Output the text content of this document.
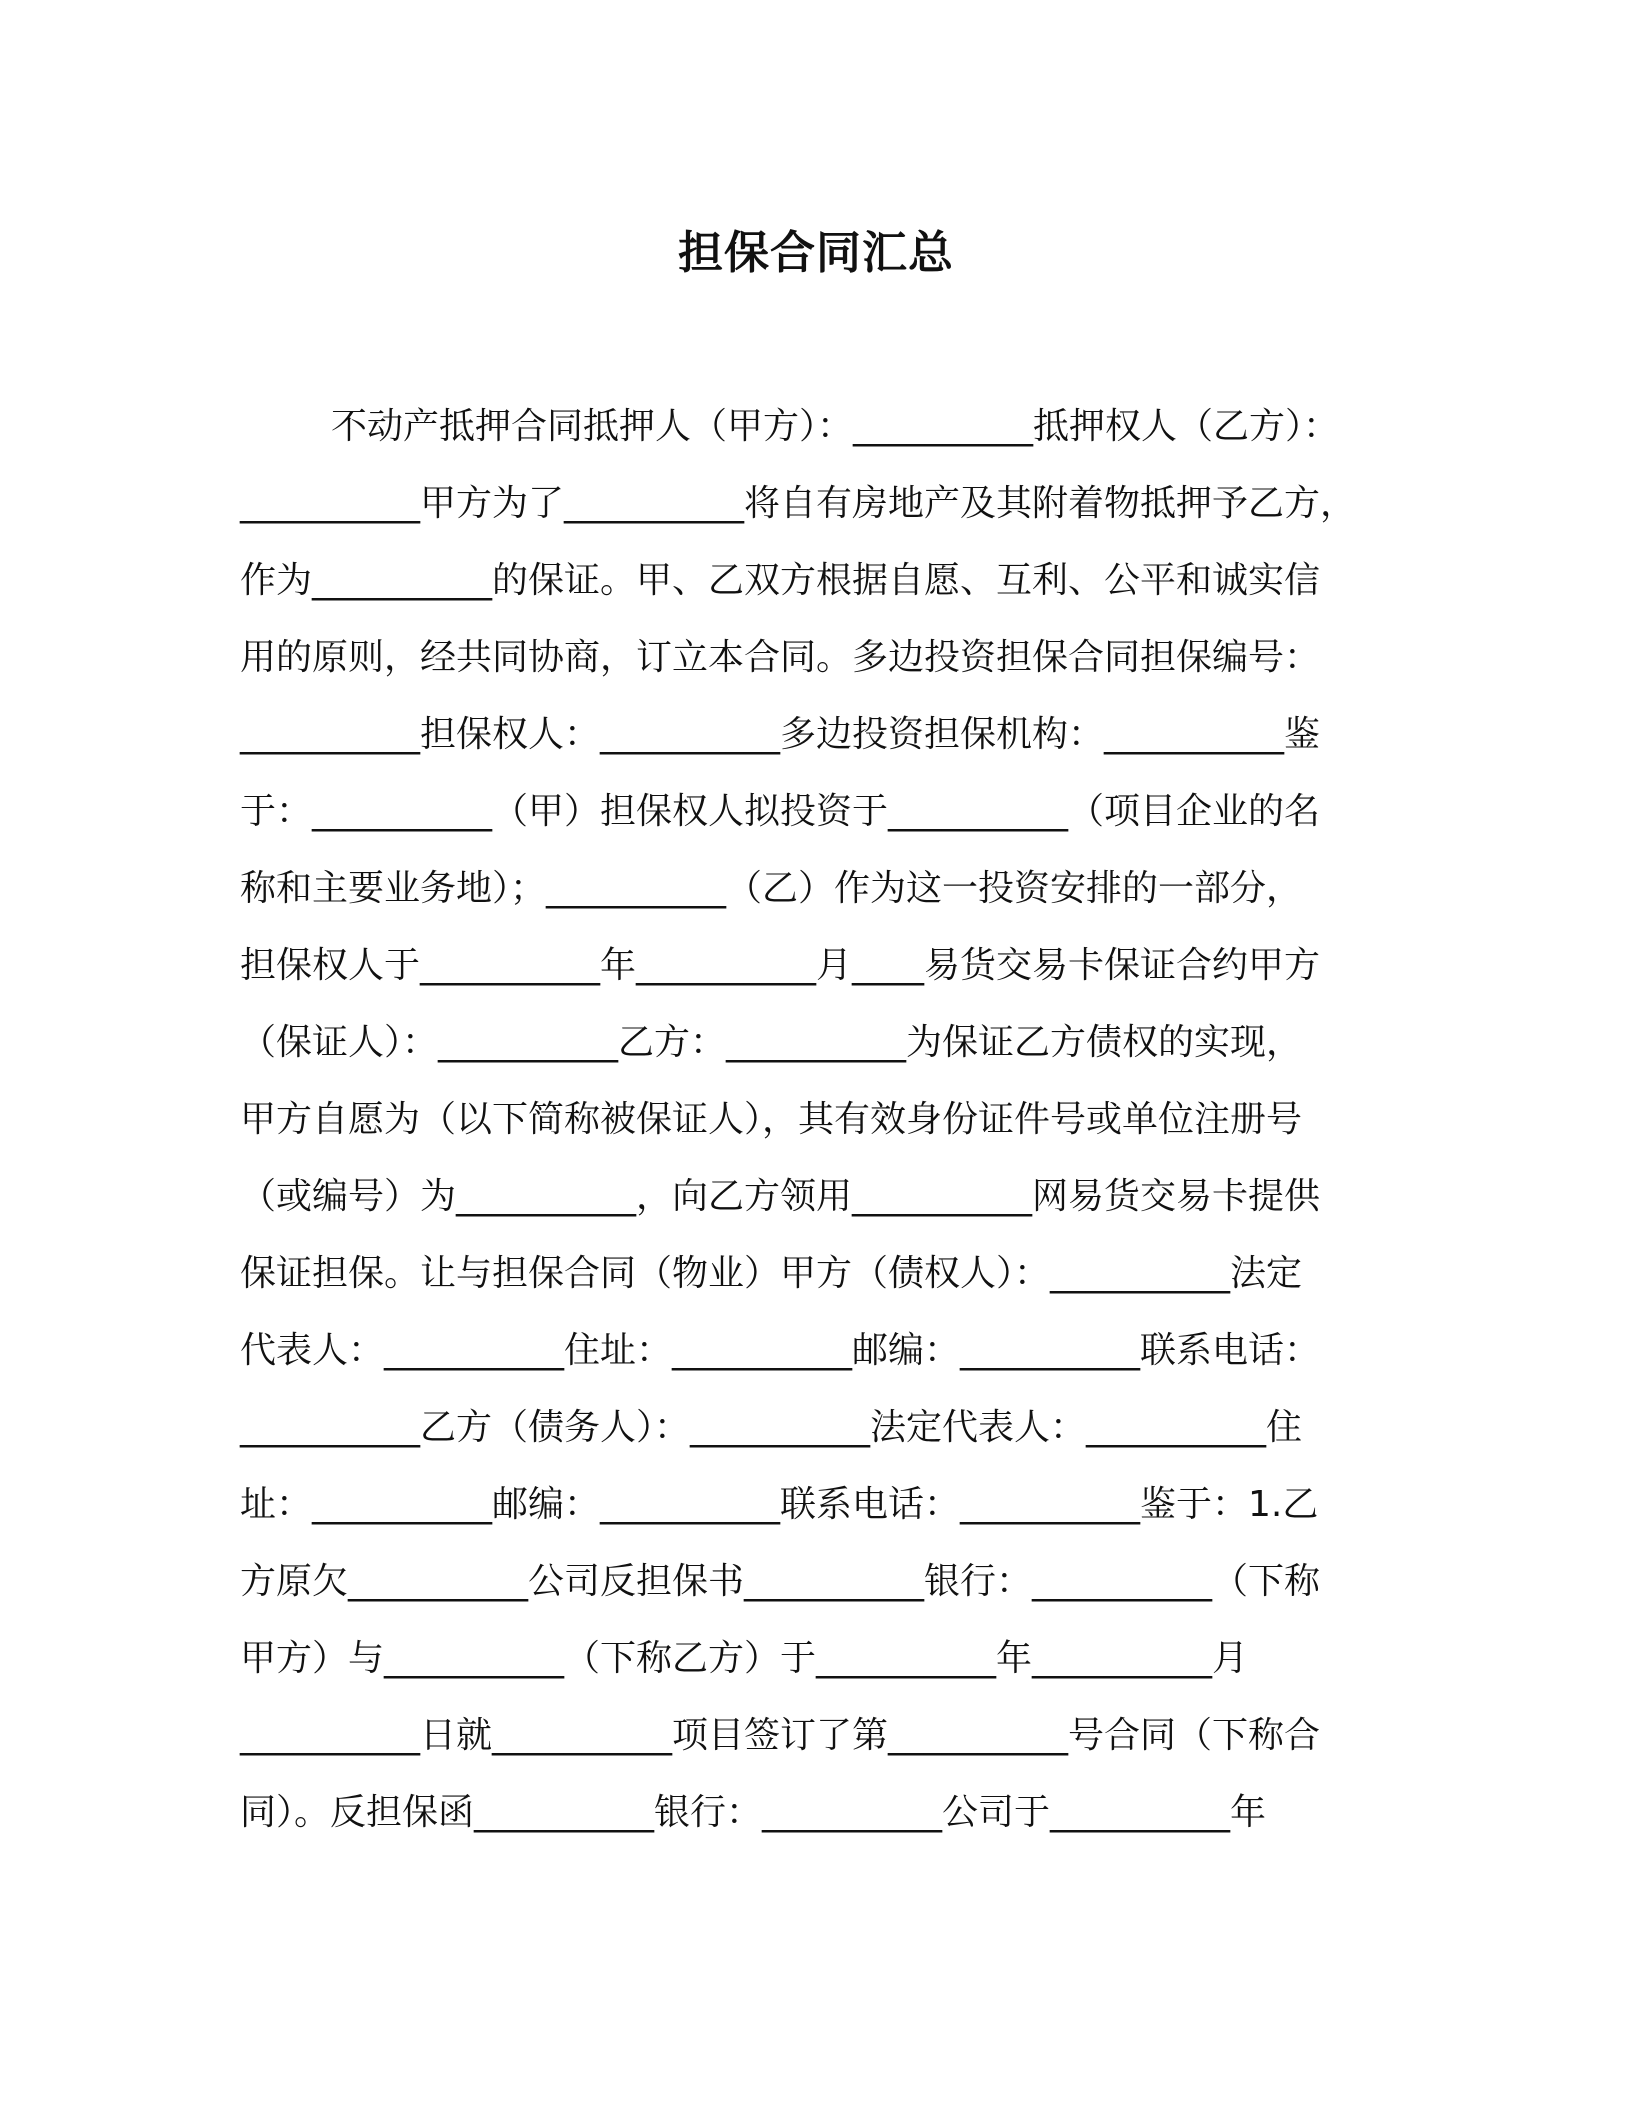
担保合同汇总
不动产抵押合同抵押人（甲方）：__________抵押权人（乙方）：
__________甲方为了__________将自有房地产及其附着物抵押予乙方，
作为__________的保证。甲、乙双方根据自愿、互利、公平和诚实信
用的原则，经共同协商，订立本合同。多边投资担保合同担保编号：
__________担保权人：__________多边投资担保机构：__________鉴
于：__________（甲）担保权人拟投资于__________（项目企业的名
称和主要业务地）；__________（乙）作为这一投资安排的一部分，
担保权人于__________年__________月____易货交易卡保证合约甲方
（保证人）：__________乙方：__________为保证乙方债权的实现，
甲方自愿为（以下简称被保证人），其有效身份证件号或单位注册号
（或编号）为__________，向乙方领用__________网易货交易卡提供
保证担保。让与担保合同（物业）甲方（债权人）：__________法定
代表人：__________住址：__________邮编：__________联系电话：
__________乙方（债务人）：__________法定代表人：__________住
址：__________邮编：__________联系电话：__________鉴于：1.乙
方原欠__________公司反担保书__________银行：__________（下称
甲方）与__________（下称乙方）于__________年__________月
__________日就__________项目签订了第__________号合同（下称合
同）。反担保函__________银行：__________公司于__________年
